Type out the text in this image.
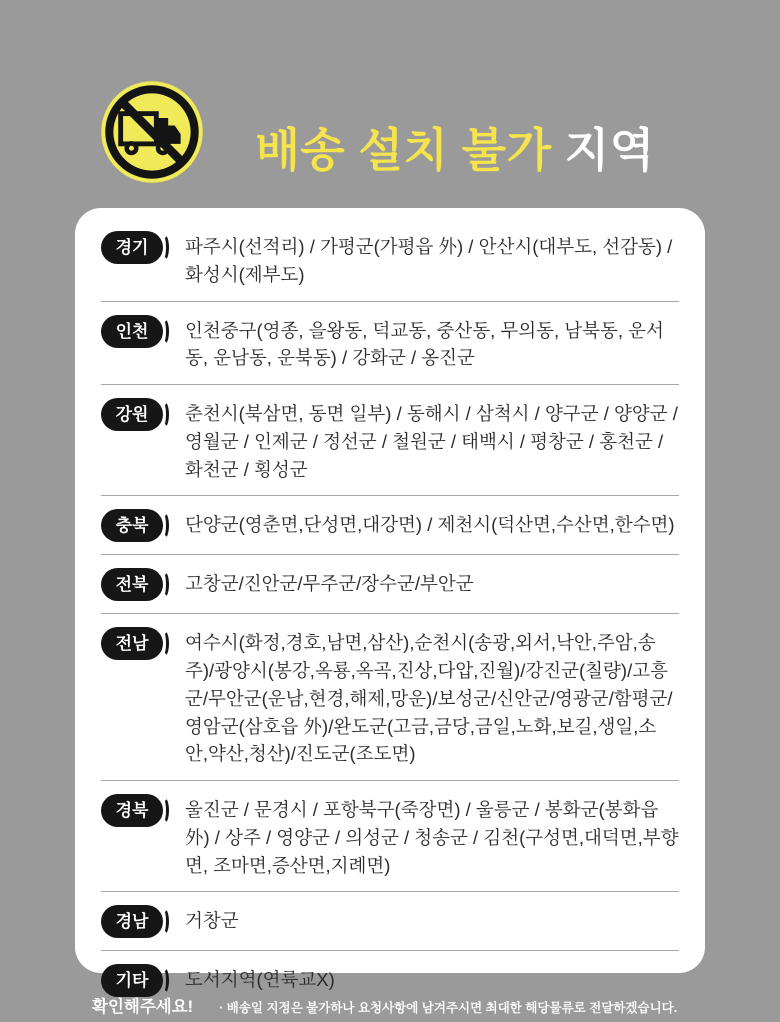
배송 설치 불가 지역
경기	파주시(선적리) / 가평군(가평읍 外) / 안산시(대부도, 선감동) / 화성시(제부도)
인천	인천중구(영종, 을왕동, 덕교동, 중산동, 무의동, 남북동, 운서동, 운남동, 운북동) / 강화군 / 옹진군
강원	춘천시(북삼면, 동면 일부) / 동해시 / 삼척시 / 양구군 / 양양군 / 영월군 / 인제군 / 정선군 / 철원군 / 태백시 / 평창군 / 홍천군 / 화천군 / 횡성군
충북	단양군(영춘면,단성면,대강면) / 제천시(덕산면,수산면,한수면)
전북	고창군/진안군/무주군/장수군/부안군
전남	여수시(화정,경호,남면,삼산),순천시(송광,외서,낙안,주암,송주)/광양시(봉강,옥룡,옥곡,진상,다압,진월)/강진군(칠량)/고흥군/무안군(운남,현경,해제,망운)/보성군/신안군/영광군/함평군/영암군(삼호읍 外)/완도군(고금,금당,금일,노화,보길,생일,소안,약산,청산)/진도군(조도면)
경북	울진군 / 문경시 / 포항북구(죽장면) / 울릉군 / 봉화군(봉화읍 外) / 상주 / 영양군 / 의성군 / 청송군 / 김천(구성면,대덕면,부향면, 조마면,증산면,지례면)
경남	거창군
기타	도서지역(연륙교X)
확인해주세요! · 배송일 지정은 불가하나 요청사항에 남겨주시면 최대한 해당물류로 전달하겠습니다.
